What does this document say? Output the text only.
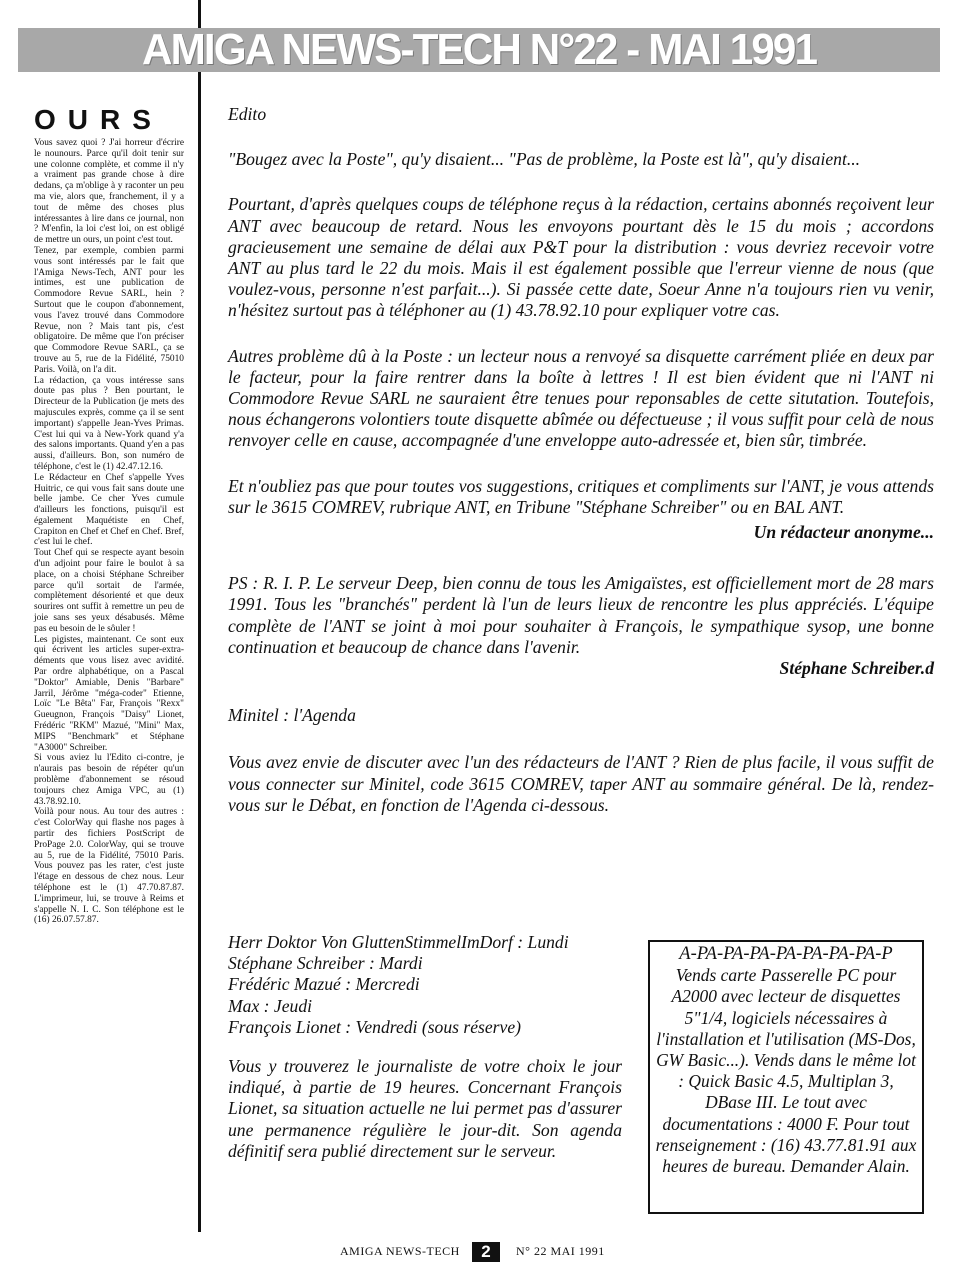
AMIGA NEWS-TECH N°22 - MAI 1991
OURS

Vous savez quoi ? J'ai horreur d'écrire le nounours. Parce qu'il doit tenir sur une colonne complète, et comme il n'y a vraiment pas grande chose à dire dedans, ça m'oblige à y raconter un peu ma vie, alors que, franchement, il y a tout de même des choses plus intéressantes à lire dans ce journal, non ? M'enfin, la loi c'est loi, on est obligé de mettre un ours, un point c'est tout.

Tenez, par exemple, combien parmi vous sont intéressés par le fait que l'Amiga News-Tech, ANT pour les intimes, est une publication de Commodore Revue SARL, hein ? Surtout que le coupon d'abonnement, vous l'avez trouvé dans Commodore Revue, non ? Mais tant pis, c'est obligatoire. De même que l'on préciser que Commodore Revue SARL, ça se trouve au 5, rue de la Fidélité, 75010 Paris. Voilà, on l'a dit.

La rédaction, ça vous intéresse sans doute pas plus ? Ben pourtant, le Directeur de la Publication (je mets des majuscules exprès, comme ça il se sent important) s'appelle Jean-Yves Primas. C'est lui qui va à New-York quand y'a des salons importants. Quand y'en a pas aussi, d'ailleurs. Bon, son numéro de téléphone, c'est le (1) 42.47.12.16.

Le Rédacteur en Chef s'appelle Yves Huitric, ce qui vous fait sans doute une belle jambe. Ce cher Yves cumule d'ailleurs les fonctions, puisqu'il est également Maquétiste en Chef, Crapiton en Chef et Chef en Chef. Bref, c'est lui le chef.

Tout Chef qui se respecte ayant besoin d'un adjoint pour faire le boulot à sa place, on a choisi Stéphane Schreiber parce qu'il sortait de l'armée, complètement désorienté et que deux sourires ont suffit à remettre un peu de joie sans ses yeux désabusés. Même pas eu besoin de le sôuler !

Les pigistes, maintenant. Ce sont eux qui écrivent les articles super-extra-déments que vous lisez avec avidité. Par ordre alphabétique, on a Pascal "Doktor" Amiable, Denis "Barbare" Jarril, Jérôme "méga-coder" Etienne, Loïc "Le Bêta" Far, François "Rexx" Gueugnon, François "Daisy" Lionet, Frédéric "RKM" Mazué, "Mini" Max, MIPS "Benchmark" et Stéphane "A3000" Schreiber.

Si vous aviez lu l'Edito ci-contre, je n'aurais pas besoin de répéter qu'un problème d'abonnement se résoud toujours chez Amiga VPC, au (1) 43.78.92.10.

Voilà pour nous. Au tour des autres : c'est ColorWay qui flashe nos pages à partir des fichiers PostScript de ProPage 2.0. ColorWay, qui se trouve au 5, rue de la Fidélité, 75010 Paris. Vous pouvez pas les rater, c'est juste l'étage en dessous de chez nous. Leur téléphone est le (1) 47.70.87.87. L'imprimeur, lui, se trouve à Reims et s'appelle N. I. C. Son téléphone est le (16) 26.07.57.87.

Edito

"Bougez avec la Poste", qu'y disaient... "Pas de problème, la Poste est là", qu'y disaient...

Pourtant, d'après quelques coups de téléphone reçus à la rédaction, certains abonnés reçoivent leur ANT avec beaucoup de retard. Nous les envoyons pourtant dès le 15 du mois ; accordons gracieusement une semaine de délai aux P&T pour la distribution : vous devriez recevoir votre ANT au plus tard le 22 du mois. Mais il est également possible que l'erreur vienne de nous (que voulez-vous, personne n'est parfait...). Si passée cette date, Soeur Anne n'a toujours rien vu venir, n'hésitez surtout pas à téléphoner au (1) 43.78.92.10 pour expliquer votre cas.

Autres problème dû à la Poste : un lecteur nous a renvoyé sa disquette carrément pliée en deux par le facteur, pour la faire rentrer dans la boîte à lettres ! Il est bien évident que ni l'ANT ni Commodore Revue SARL ne sauraient être tenues pour reponsables de cette situtation. Toutefois, nous échangerons volontiers toute disquette abîmée ou défectueuse ; il vous suffit pour celà de nous renvoyer celle en cause, accompagnée d'une enveloppe auto-adressée et, bien sûr, timbrée.

Et n'oubliez pas que pour toutes vos suggestions, critiques et compliments sur l'ANT, je vous attends sur le 3615 COMREV, rubrique ANT, en Tribune "Stéphane Schreiber" ou en BAL ANT.

Un rédacteur anonyme...

PS : R. I. P. Le serveur Deep, bien connu de tous les Amigaïstes, est officiellement mort de 28 mars 1991. Tous les "branchés" perdent là l'un de leurs lieux de rencontre les plus appréciés. L'équipe complète de l'ANT se joint à moi pour souhaiter à François, le sympathique sysop, une bonne continuation et beaucoup de chance dans l'avenir.

Stéphane Schreiber.d

Minitel : l'Agenda

Vous avez envie de discuter avec l'un des rédacteurs de l'ANT ? Rien de plus facile, il vous suffit de vous connecter sur Minitel, code 3615 COMREV, taper ANT au sommaire général. De là, rendez-vous sur le Débat, en fonction de l'Agenda ci-dessous.

Herr Doktor Von GluttenStimmelImDorf : Lundi
Stéphane Schreiber : Mardi
Frédéric Mazué : Mercredi
Max : Jeudi
François Lionet : Vendredi (sous réserve)

Vous y trouverez le journaliste de votre choix le jour indiqué, à partie de 19 heures. Concernant François Lionet, sa situation actuelle ne lui permet pas d'assurer une permanence régulière le jour-dit. Son agenda définitif sera publié directement sur le serveur.

A-PA-PA-PA-PA-PA-PA-PA-P
Vends carte Passerelle PC pour A2000 avec lecteur de disquettes 5"1/4, logiciels nécessaires à l'installation et l'utilisation (MS-Dos, GW Basic...). Vends dans le même lot : Quick Basic 4.5, Multiplan 3, DBase III. Le tout avec documentations : 4000 F. Pour tout renseignement : (16) 43.77.81.91 aux heures de bureau. Demander Alain.
AMIGA NEWS-TECH	2	N° 22 MAI 1991
